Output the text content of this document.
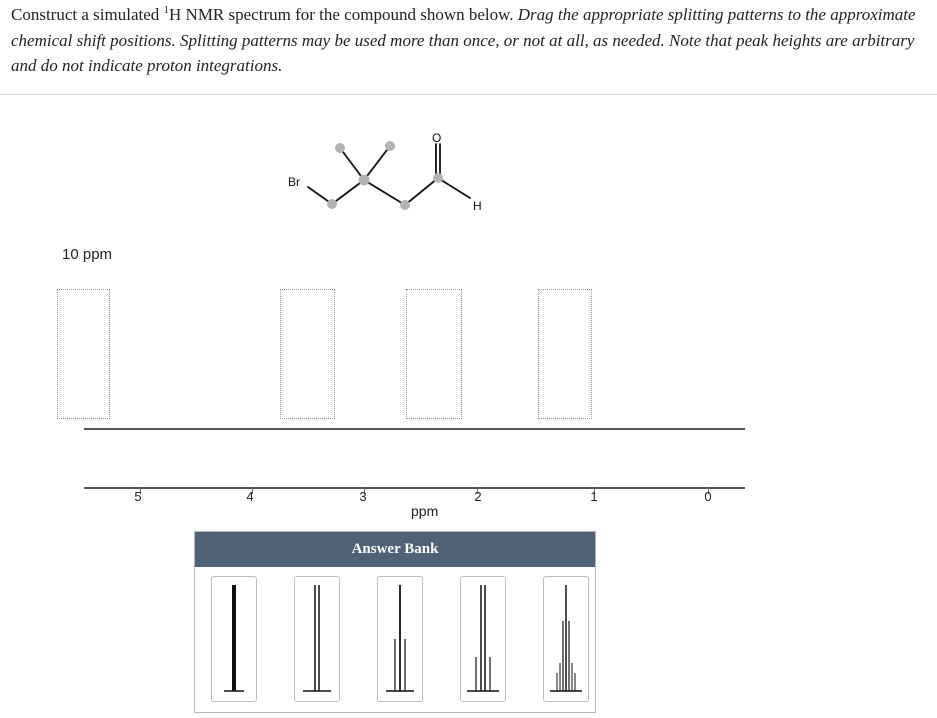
Construct a simulated $^1$H NMR spectrum for the compound shown below. Drag the appropriate splitting patterns to the approximate chemical shift positions. Splitting patterns may be used more than once, or not at all, as needed. Note that peak heights are arbitrary and do not indicate proton integrations.

Br
O
H
10 ppm
5	4	3	2	1	0
ppm
Answer Bank
